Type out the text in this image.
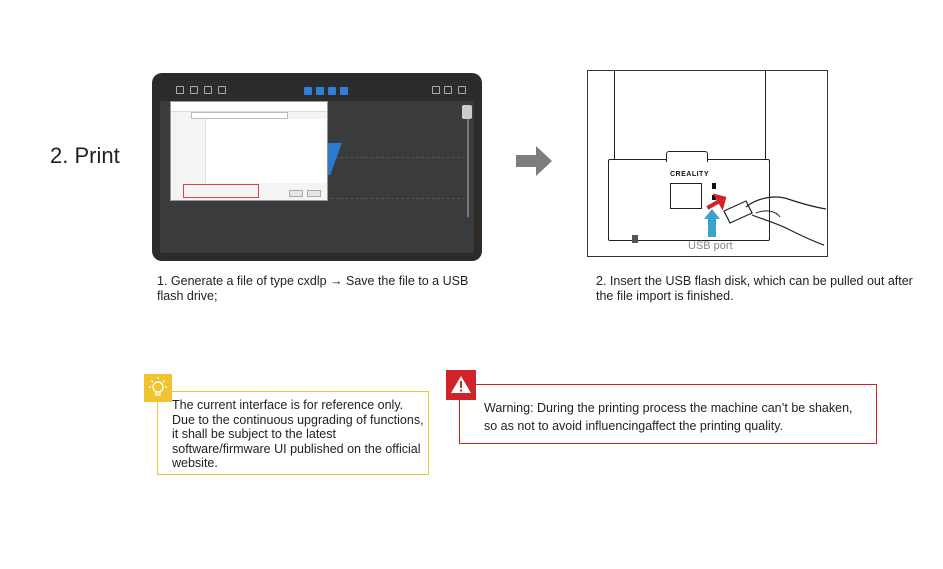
2. Print
CREALITY
USB port
1. Generate a file of type cxdlp → Save the file to a USB flash drive;
2. Insert the USB flash disk, which can be pulled out after the file import is finished.
The current interface is for reference only. Due to the continuous upgrading of functions, it shall be subject to the latest software/firmware UI published on the official website.
Warning: During the printing process the machine can’t be shaken, so as not to avoid influencingaffect the printing quality.
